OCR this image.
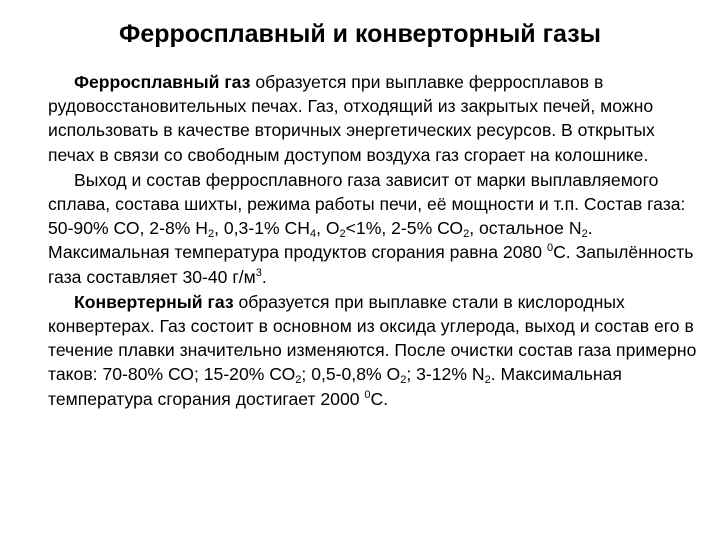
Ферросплавный и конверторный газы

Ферросплавный газ образуется при выплавке ферросплавов в рудовосстановительных печах. Газ, отходящий из закрытых печей, можно использовать в качестве вторичных энергетических ресурсов. В открытых печах в связи со свободным доступом воздуха газ сгорает на колошнике.

Выход и состав ферросплавного газа зависит от марки выплавляемого сплава, состава шихты, режима работы печи, её мощности и т.п. Состав газа: 50-90% СО, 2-8% $Н_2$, 0,3-1% $СН_4$, $О_2<1\%$, 2-5% $СО_2$, остальное $N_2$. Максимальная температура продуктов сгорания равна 2080 $^0$С. Запылённость газа составляет 30-40 $г/м^3$.

Конвертерный газ образуется при выплавке стали в кислородных конвертерах. Газ состоит в основном из оксида углерода, выход и состав его в течение плавки значительно изменяются. После очистки состав газа примерно таков: 70-80% СО; 15-20% $СО_2$; 0,5-0,8% $О_2$; 3-12% $N_2$. Максимальная температура сгорания достигает 2000 $^0$С.
